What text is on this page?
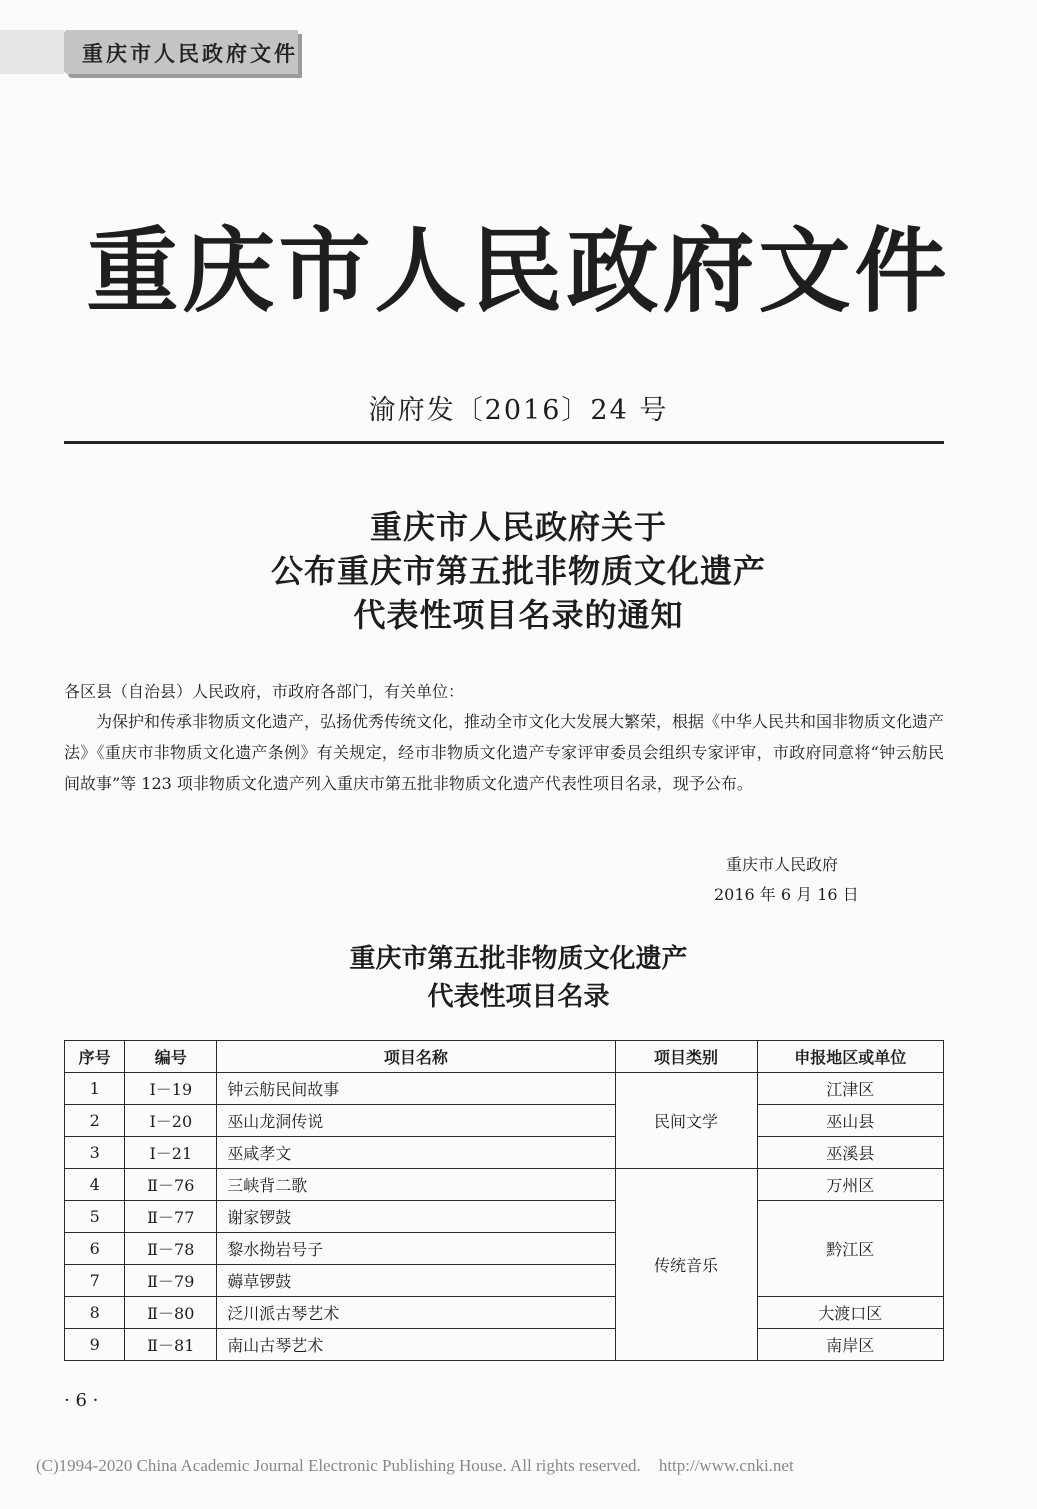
重庆市人民政府文件
重庆市人民政府文件
渝府发〔2016〕24 号
重庆市人民政府关于
公布重庆市第五批非物质文化遗产
代表性项目名录的通知
各区县（自治县）人民政府，市政府各部门，有关单位：
为保护和传承非物质文化遗产，弘扬优秀传统文化，推动全市文化大发展大繁荣，根据《中华人民共和国非物质文化遗产法》《重庆市非物质文化遗产条例》有关规定，经市非物质文化遗产专家评审委员会组织专家评审，市政府同意将“钟云舫民间故事”等 123 项非物质文化遗产列入重庆市第五批非物质文化遗产代表性项目名录，现予公布。
重庆市人民政府
2016 年 6 月 16 日
重庆市第五批非物质文化遗产
代表性项目名录
序号	编号	项目名称	项目类别	申报地区或单位
1	Ⅰ－19	钟云舫民间故事	民间文学	江津区
2	Ⅰ－20	巫山龙洞传说		巫山县
3	Ⅰ－21	巫咸孝文		巫溪县
4	Ⅱ－76	三峡背二歌	传统音乐	万州区
5	Ⅱ－77	谢家锣鼓		黔江区
6	Ⅱ－78	黎水拗岩号子		
7	Ⅱ－79	薅草锣鼓		
8	Ⅱ－80	泛川派古琴艺术		大渡口区
9	Ⅱ－81	南山古琴艺术		南岸区
· 6 ·
(C)1994-2020 China Academic Journal Electronic Publishing House. All rights reserved. http://www.cnki.net
